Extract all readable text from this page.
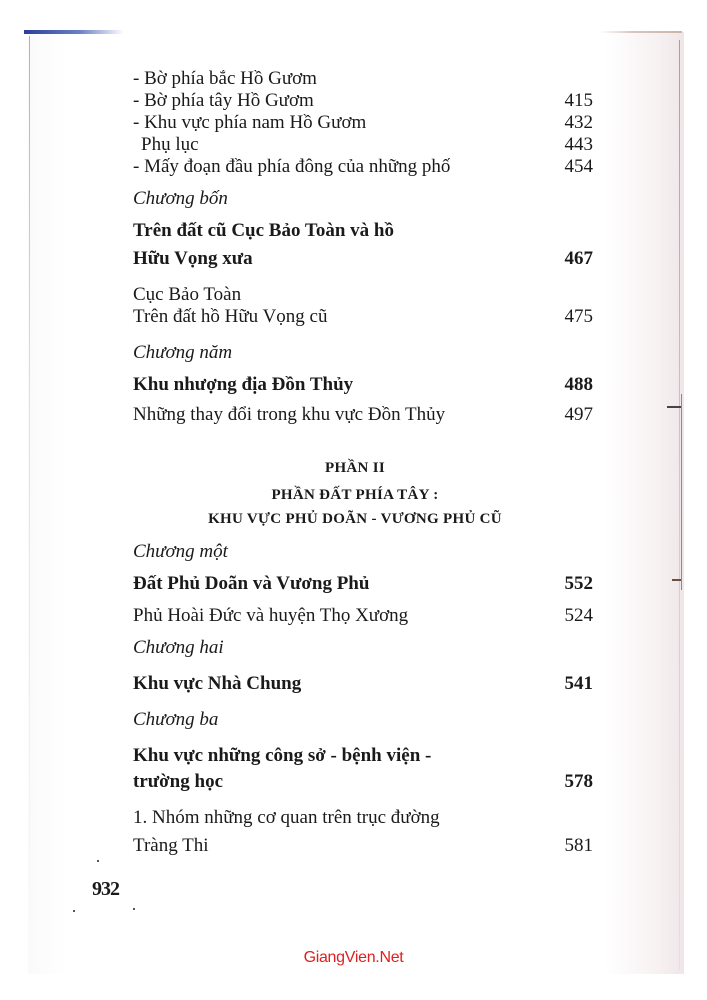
- Bờ phía bắc Hồ Gươm
- Bờ phía tây Hồ Gươm	415
- Khu vực phía nam Hồ Gươm	432
Phụ lục	443
- Mấy đoạn đầu phía đông của những phố	454
Chương bốn
Trên đất cũ Cục Bảo Toàn và hồ
Hữu Vọng xưa	467
Cục Bảo Toàn
Trên đất hồ Hữu Vọng cũ	475
Chương năm
Khu nhượng địa Đồn Thủy	488
Những thay đổi trong khu vực Đồn Thủy	497
PHẦN II
PHẦN ĐẤT PHÍA TÂY :
KHU VỰC PHỦ DOÃN - VƯƠNG PHỦ CŨ
Chương một
Đất Phủ Doãn và Vương Phủ	552
Phủ Hoài Đức và huyện Thọ Xương	524
Chương hai
Khu vực Nhà Chung	541
Chương ba
Khu vực những công sở - bệnh viện -
trường học	578
1. Nhóm những cơ quan trên trục đường
Tràng Thi	581
932
GiangVien.Net
